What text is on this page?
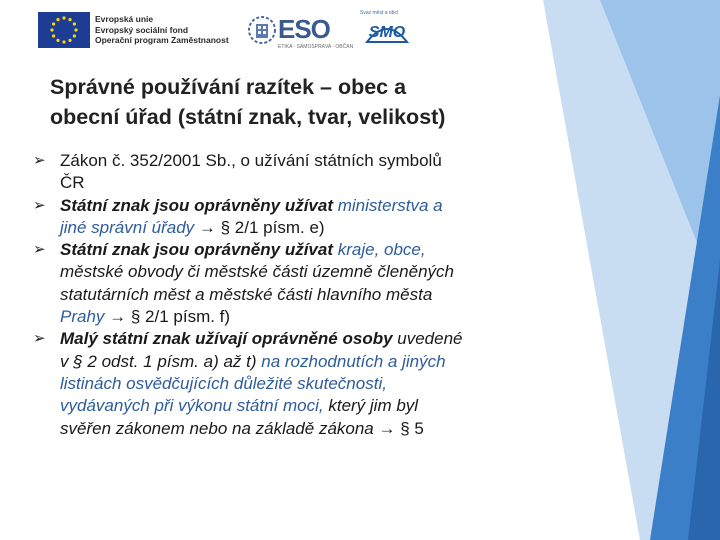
Evropská unie
Evropský sociální fond
Operační program Zaměstnanost ESO
ETIKA · SAMOSPRÁVA · OBČAN
Svaz měst a obcí
SMO
Správné používání razítek – obec a
obecní úřad (státní znak, tvar, velikost)
➢ Zákon č. 352/2001 Sb., o užívání státních symbolů
ČR
➢ Státní znak jsou oprávněny užívat ministerstva a
jiné správní úřady → § 2/1 písm. e)
➢ Státní znak jsou oprávněny užívat kraje, obce,
městské obvody či městské části územně členěných
statutárních měst a městské části hlavního města
Prahy → § 2/1 písm. f)
➢ Malý státní znak užívají oprávněné osoby uvedené
v § 2 odst. 1 písm. a) až t) na rozhodnutích a jiných
listinách osvědčujících důležité skutečnosti,
vydávaných při výkonu státní moci, který jim byl
svěřen zákonem nebo na základě zákona → § 5
